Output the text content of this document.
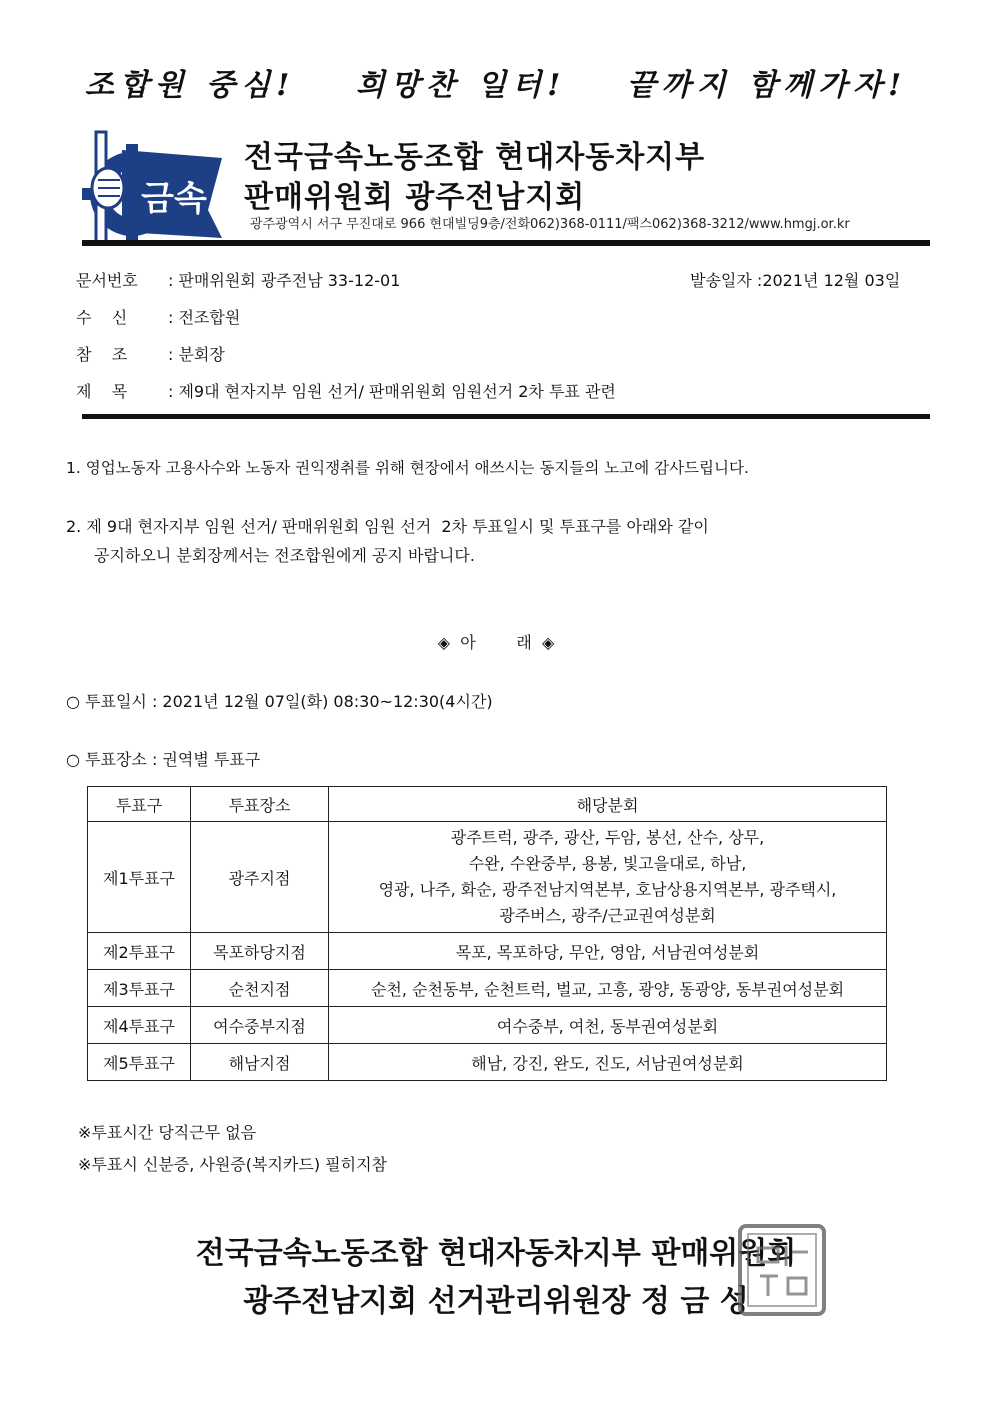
조합원 중심! 희망찬 일터! 끝까지 함께가자!
금속
전국금속노동조합 현대자동차지부
판매위원회 광주전남지회
광주광역시 서구 무진대로 966 현대빌딩9층/전화062)368-0111/팩스062)368-3212/www.hmgj.or.kr
문서번호 : 판매위원회 광주전남 33-12-01	발송일자 :2021년 12월 03일
수    신	: 전조합원
참    조	: 분회장
제    목	: 제9대 현자지부 임원 선거/ 판매위원회 임원선거 2차 투표 관련
1. 영업노동자 고용사수와 노동자 권익쟁취를 위해 현장에서 애쓰시는 동지들의 노고에 감사드립니다.
2. 제 9대 현자지부 임원 선거/ 판매위원회 임원 선거  2차 투표일시 및 투표구를 아래와 같이
공지하오니 분회장께서는 전조합원에게 공지 바랍니다.
◈  아        래  ◈
○ 투표일시 : 2021년 12월 07일(화) 08:30~12:30(4시간)
○ 투표장소 : 권역별 투표구
투표구	투표장소	해당분회
제1투표구	광주지점	광주트럭, 광주, 광산, 두암, 봉선, 산수, 상무,
수완, 수완중부, 용봉, 빛고을대로, 하남,
영광, 나주, 화순, 광주전남지역본부, 호남상용지역본부, 광주택시,
광주버스, 광주/근교권여성분회

제2투표구	목포하당지점	목포, 목포하당, 무안, 영암, 서남권여성분회
제3투표구	순천지점	순천, 순천동부, 순천트럭, 벌교, 고흥, 광양, 동광양, 동부권여성분회
제4투표구	여수중부지점	여수중부, 여천, 동부권여성분회
제5투표구	해남지점	해남, 강진, 완도, 진도, 서남권여성분회
※투표시간 당직근무 없음
※투표시 신분증, 사원증(복지카드) 필히지참
전국금속노동조합 현대자동차지부 판매위원회
광주전남지회 선거관리위원장 정 금 성
